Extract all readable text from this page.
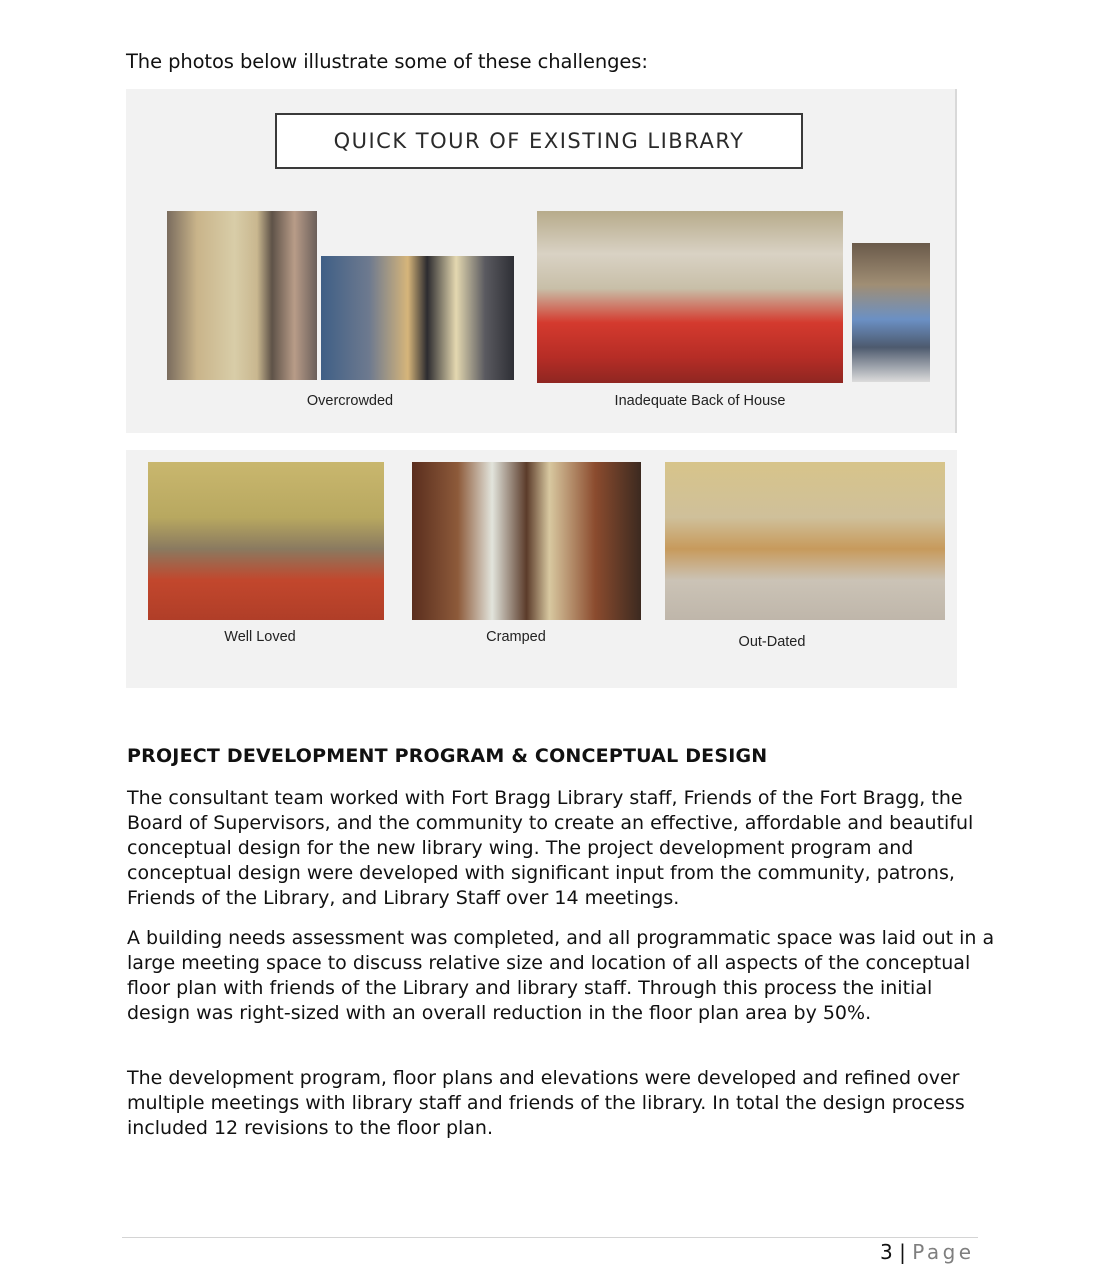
The photos below illustrate some of these challenges:
QUICK TOUR OF EXISTING LIBRARY
Overcrowded	Inadequate Back of House
Well Loved	Cramped	Out-Dated
PROJECT DEVELOPMENT PROGRAM & CONCEPTUAL DESIGN
The consultant team worked with Fort Bragg Library staff, Friends of the Fort Bragg, the Board of Supervisors, and the community to create an effective, affordable and beautiful conceptual design for the new library wing. The project development program and conceptual design were developed with significant input from the community, patrons, Friends of the Library, and Library Staff over 14 meetings.
A building needs assessment was completed, and all programmatic space was laid out in a large meeting space to discuss relative size and location of all aspects of the conceptual floor plan with friends of the Library and library staff. Through this process the initial design was right-sized with an overall reduction in the floor plan area by 50%.
The development program, floor plans and elevations were developed and refined over multiple meetings with library staff and friends of the library. In total the design process included 12 revisions to the floor plan.
3 | Page
